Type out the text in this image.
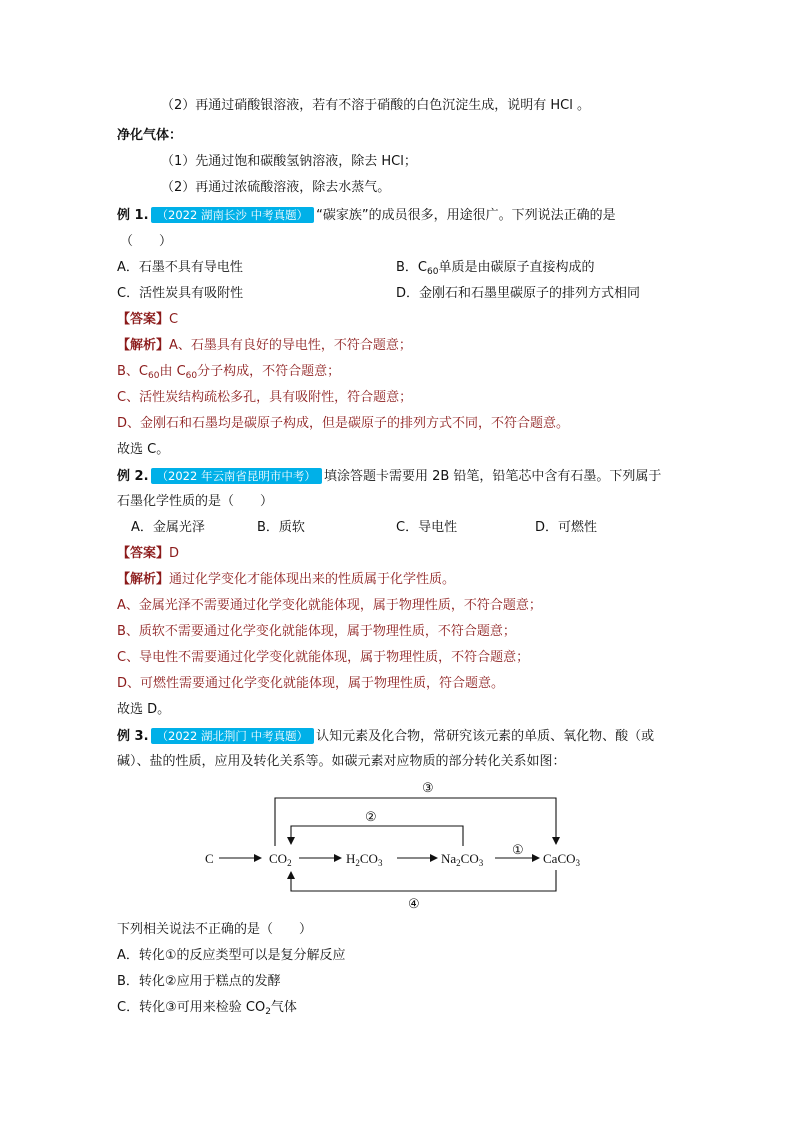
（2）再通过硝酸银溶液，若有不溶于硝酸的白色沉淀生成，说明有 HCl 。
净化气体：
（1）先通过饱和碳酸氢钠溶液，除去 HCl；
（2）再通过浓硫酸溶液，除去水蒸气。
例 1. （2022 湖南长沙 中考真题） “碳家族”的成员很多，用途很广。下列说法正确的是
（　　）
A．石墨不具有导电性	B．$C_{60}$单质是由碳原子直接构成的
C．活性炭具有吸附性	D．金刚石和石墨里碳原子的排列方式相同
【答案】C
【解析】A、石墨具有良好的导电性，不符合题意；
B、$C_{60}$由 $C_{60}$分子构成，不符合题意；
C、活性炭结构疏松多孔，具有吸附性，符合题意；
D、金刚石和石墨均是碳原子构成，但是碳原子的排列方式不同，不符合题意。
故选 C。
例 2. （2022 年云南省昆明市中考） 填涂答题卡需要用 2B 铅笔，铅笔芯中含有石墨。下列属于
石墨化学性质的是（　　）
A．金属光泽	B．质软	C．导电性	D．可燃性
【答案】D
【解析】通过化学变化才能体现出来的性质属于化学性质。
A、金属光泽不需要通过化学变化就能体现，属于物理性质，不符合题意；
B、质软不需要通过化学变化就能体现，属于物理性质，不符合题意；
C、导电性不需要通过化学变化就能体现，属于物理性质，不符合题意；
D、可燃性需要通过化学变化就能体现，属于物理性质，符合题意。
故选 D。
例 3. （2022 湖北荆门 中考真题） 认知元素及化合物，常研究该元素的单质、氧化物、酸（或
碱）、盐的性质，应用及转化关系等。如碳元素对应物质的部分转化关系如图：
C	$CO_2$	$H_2CO_3$	$Na_2CO_3$	CaCO$_3$
①
②
③
④
下列相关说法不正确的是（　　）
A．转化①的反应类型可以是复分解反应
B．转化②应用于糕点的发酵
C．转化③可用来检验 $CO_2$气体
